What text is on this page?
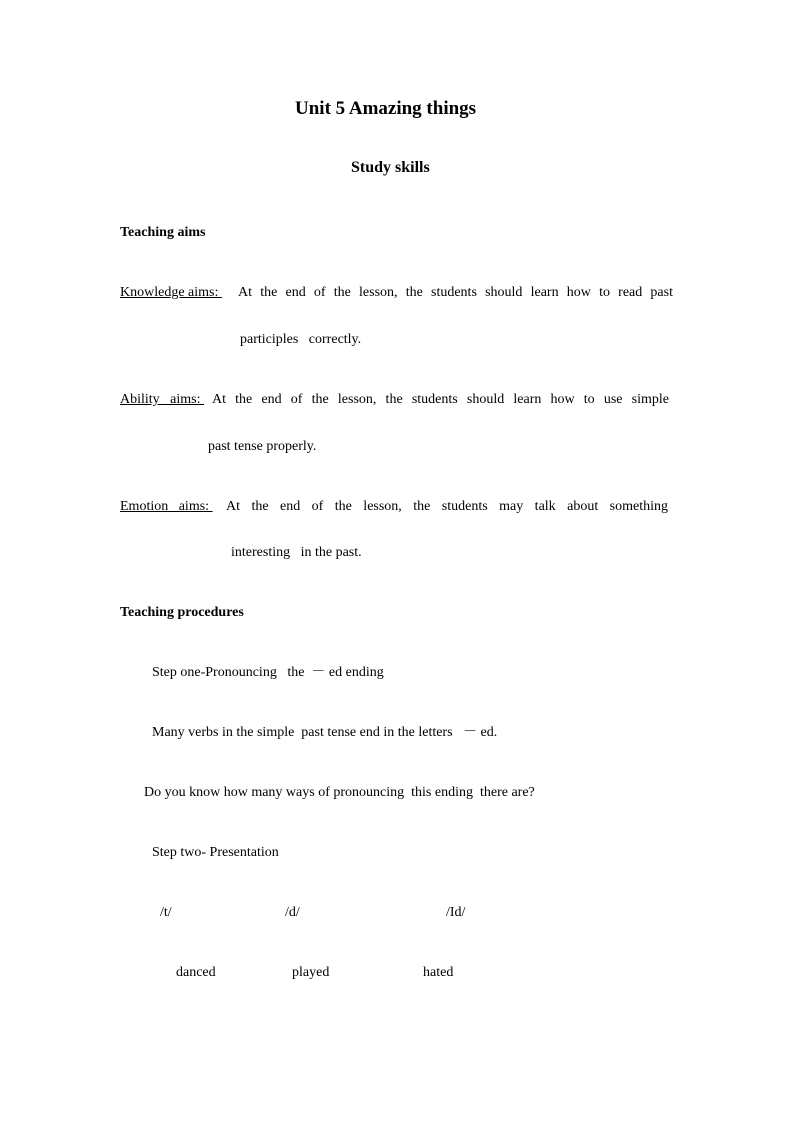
Unit 5 Amazing things
Study skills
Teaching aims
Knowledge aims: At the end of the lesson, the students should learn how to read past
participles   correctly.
Ability   aims: At the end of the lesson, the students should learn how to use simple
past tense properly.
Emotion   aims: At the end of the lesson, the students may talk about something
interesting   in the past.
Teaching procedures
Step one-Pronouncing   the  － ed ending
Many verbs in the simple  past tense end in the letters   － ed.
Do you know how many ways of pronouncing  this ending  there are?
Step two- Presentation
/t/	/d/	/Id/
danced	played	hated
